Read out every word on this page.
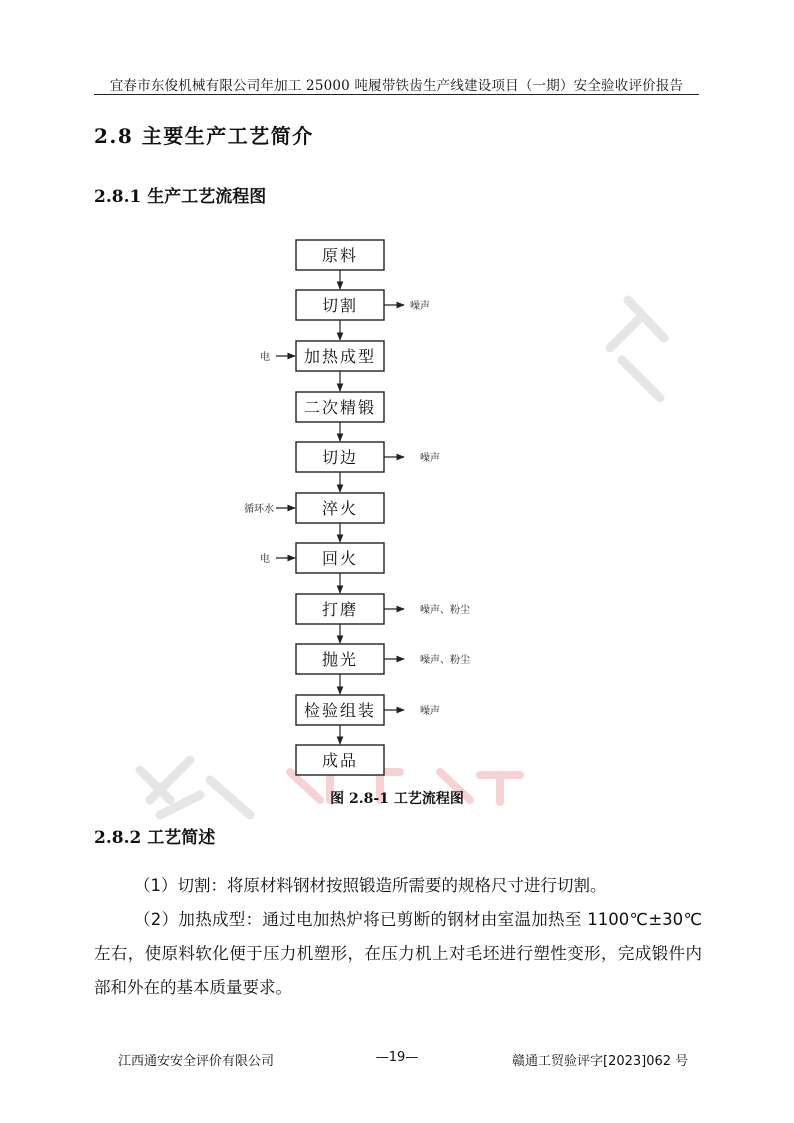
宜春市东俊机械有限公司年加工 25000 吨履带铁齿生产线建设项目（一期）安全验收评价报告
2.8 主要生产工艺简介
2.8.1 生产工艺流程图
原料
切割
加热成型
二次精锻
切边
淬火
回火
打磨
抛光
检验组装
成品
噪声
噪声
噪声、粉尘
噪声、粉尘
噪声
电
循环水
电
图 2.8-1 工艺流程图
2.8.2 工艺简述
（1）切割：将原材料钢材按照锻造所需要的规格尺寸进行切割。
（2）加热成型：通过电加热炉将已剪断的钢材由室温加热至 1100℃±30℃左右，使原料软化便于压力机塑形，在压力机上对毛坯进行塑性变形，完成锻件内部和外在的基本质量要求。
江西通安安全评价有限公司	—19—	赣通工贸验评字[2023]062 号
